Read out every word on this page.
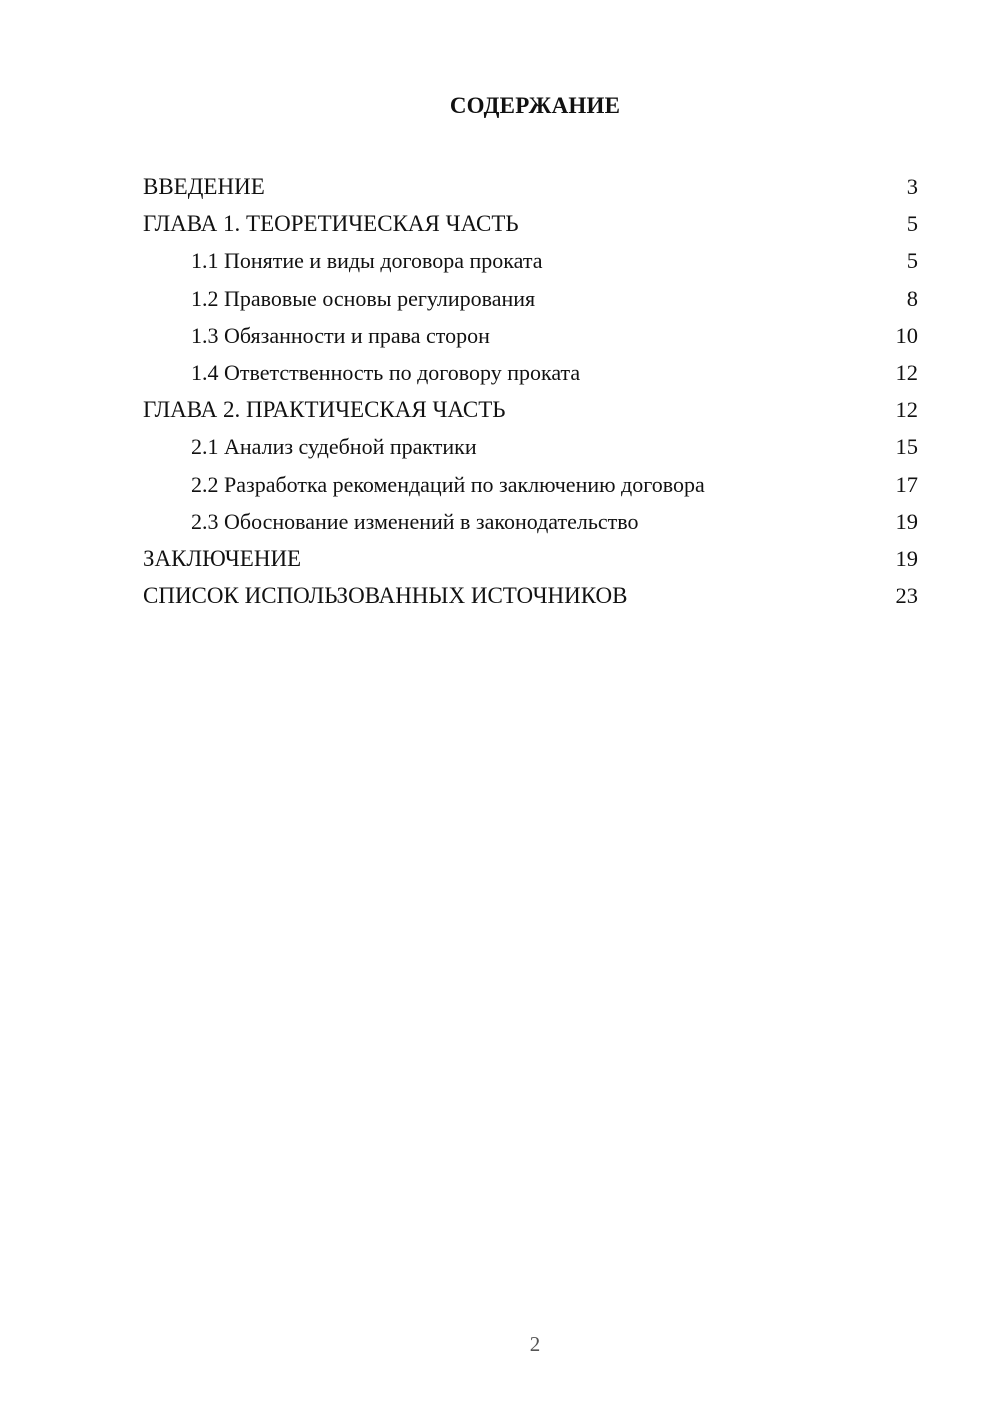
СОДЕРЖАНИЕ
ВВЕДЕНИЕ	3
ГЛАВА 1. ТЕОРЕТИЧЕСКАЯ ЧАСТЬ	5
1.1 Понятие и виды договора проката	5
1.2 Правовые основы регулирования	8
1.3 Обязанности и права сторон	10
1.4 Ответственность по договору проката	12
ГЛАВА 2. ПРАКТИЧЕСКАЯ ЧАСТЬ	12
2.1 Анализ судебной практики	15
2.2 Разработка рекомендаций по заключению договора	17
2.3 Обоснование изменений в законодательство	19
ЗАКЛЮЧЕНИЕ	19
СПИСОК ИСПОЛЬЗОВАННЫХ ИСТОЧНИКОВ	23
2
